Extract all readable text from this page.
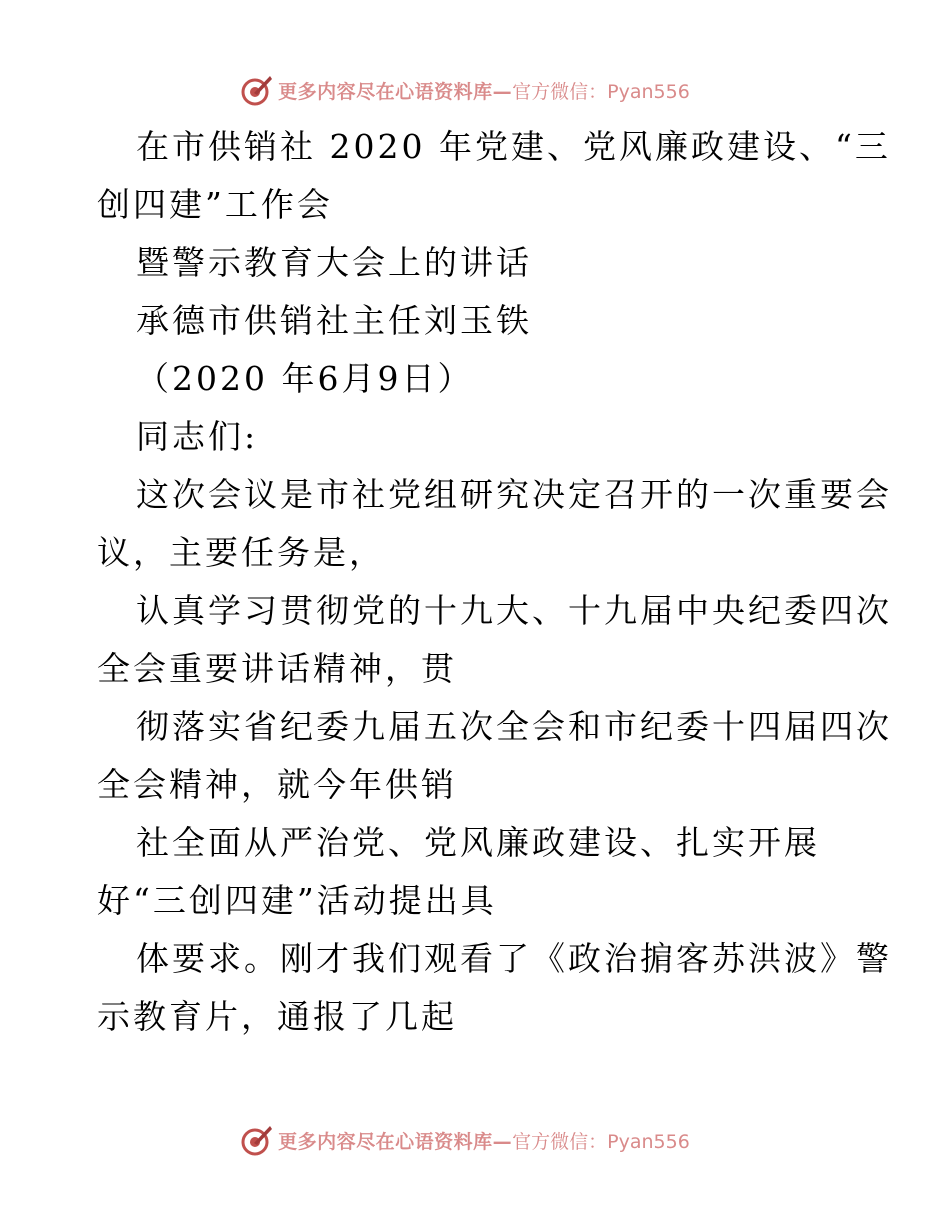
更多内容尽在心语资料库— 官方微信：Pyan556
在市供销社 2020 年党建、党风廉政建设、“三
创四建”工作会
暨警示教育大会上的讲话
承德市供销社主任刘玉铁
（2020 年6月9日）
同志们:
这次会议是市社党组研究决定召开的一次重要会
议，主要任务是，
认真学习贯彻党的十九大、十九届中央纪委四次
全会重要讲话精神，贯
彻落实省纪委九届五次全会和市纪委十四届四次
全会精神，就今年供销
社全面从严治党、党风廉政建设、扎实开展
好“三创四建”活动提出具
体要求。刚才我们观看了《政治掮客苏洪波》警
示教育片，通报了几起
更多内容尽在心语资料库— 官方微信：Pyan556
